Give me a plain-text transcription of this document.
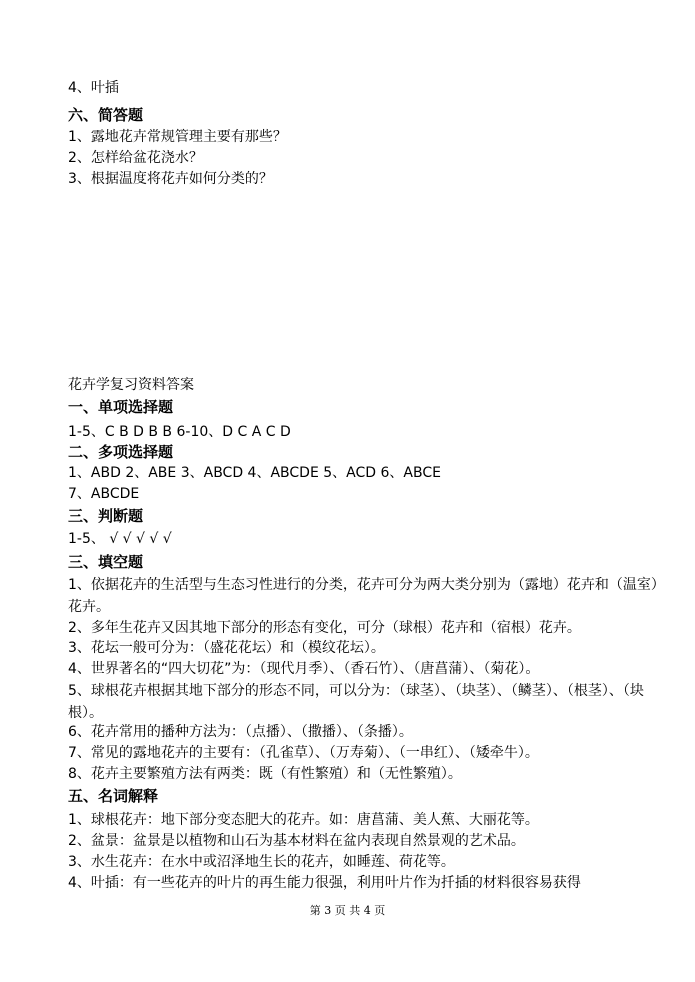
4、叶插
六、简答题
1、露地花卉常规管理主要有那些？
2、怎样给盆花浇水？
3、根据温度将花卉如何分类的？
花卉学复习资料答案
一、单项选择题
1-5、C B D B B 6-10、D C A C D
二、多项选择题
1、ABD 2、ABE 3、ABCD 4、ABCDE 5、ACD 6、ABCE
7、ABCDE
三、判断题
1-5、 √ √ √ √ √
三、填空题
1、依据花卉的生活型与生态习性进行的分类，花卉可分为两大类分别为（露地）花卉和（温室）花卉。
2、多年生花卉又因其地下部分的形态有变化，可分（球根）花卉和（宿根）花卉。
3、花坛一般可分为：（盛花花坛）和（模纹花坛）。
4、世界著名的“四大切花”为：（现代月季）、（香石竹）、（唐菖蒲）、（菊花）。
5、球根花卉根据其地下部分的形态不同，可以分为：（球茎）、（块茎）、（鳞茎）、（根茎）、（块根）。
6、花卉常用的播种方法为：（点播）、（撒播）、（条播）。
7、常见的露地花卉的主要有：（孔雀草）、（万寿菊）、（一串红）、（矮牵牛）。
8、花卉主要繁殖方法有两类：既（有性繁殖）和（无性繁殖）。
五、名词解释
1、球根花卉：地下部分变态肥大的花卉。如：唐菖蒲、美人蕉、大丽花等。
2、盆景：盆景是以植物和山石为基本材料在盆内表现自然景观的艺术品。
3、水生花卉：在水中或沼泽地生长的花卉，如睡莲、荷花等。
4、叶插：有一些花卉的叶片的再生能力很强，利用叶片作为扦插的材料很容易获得
第 3 页 共 4 页
